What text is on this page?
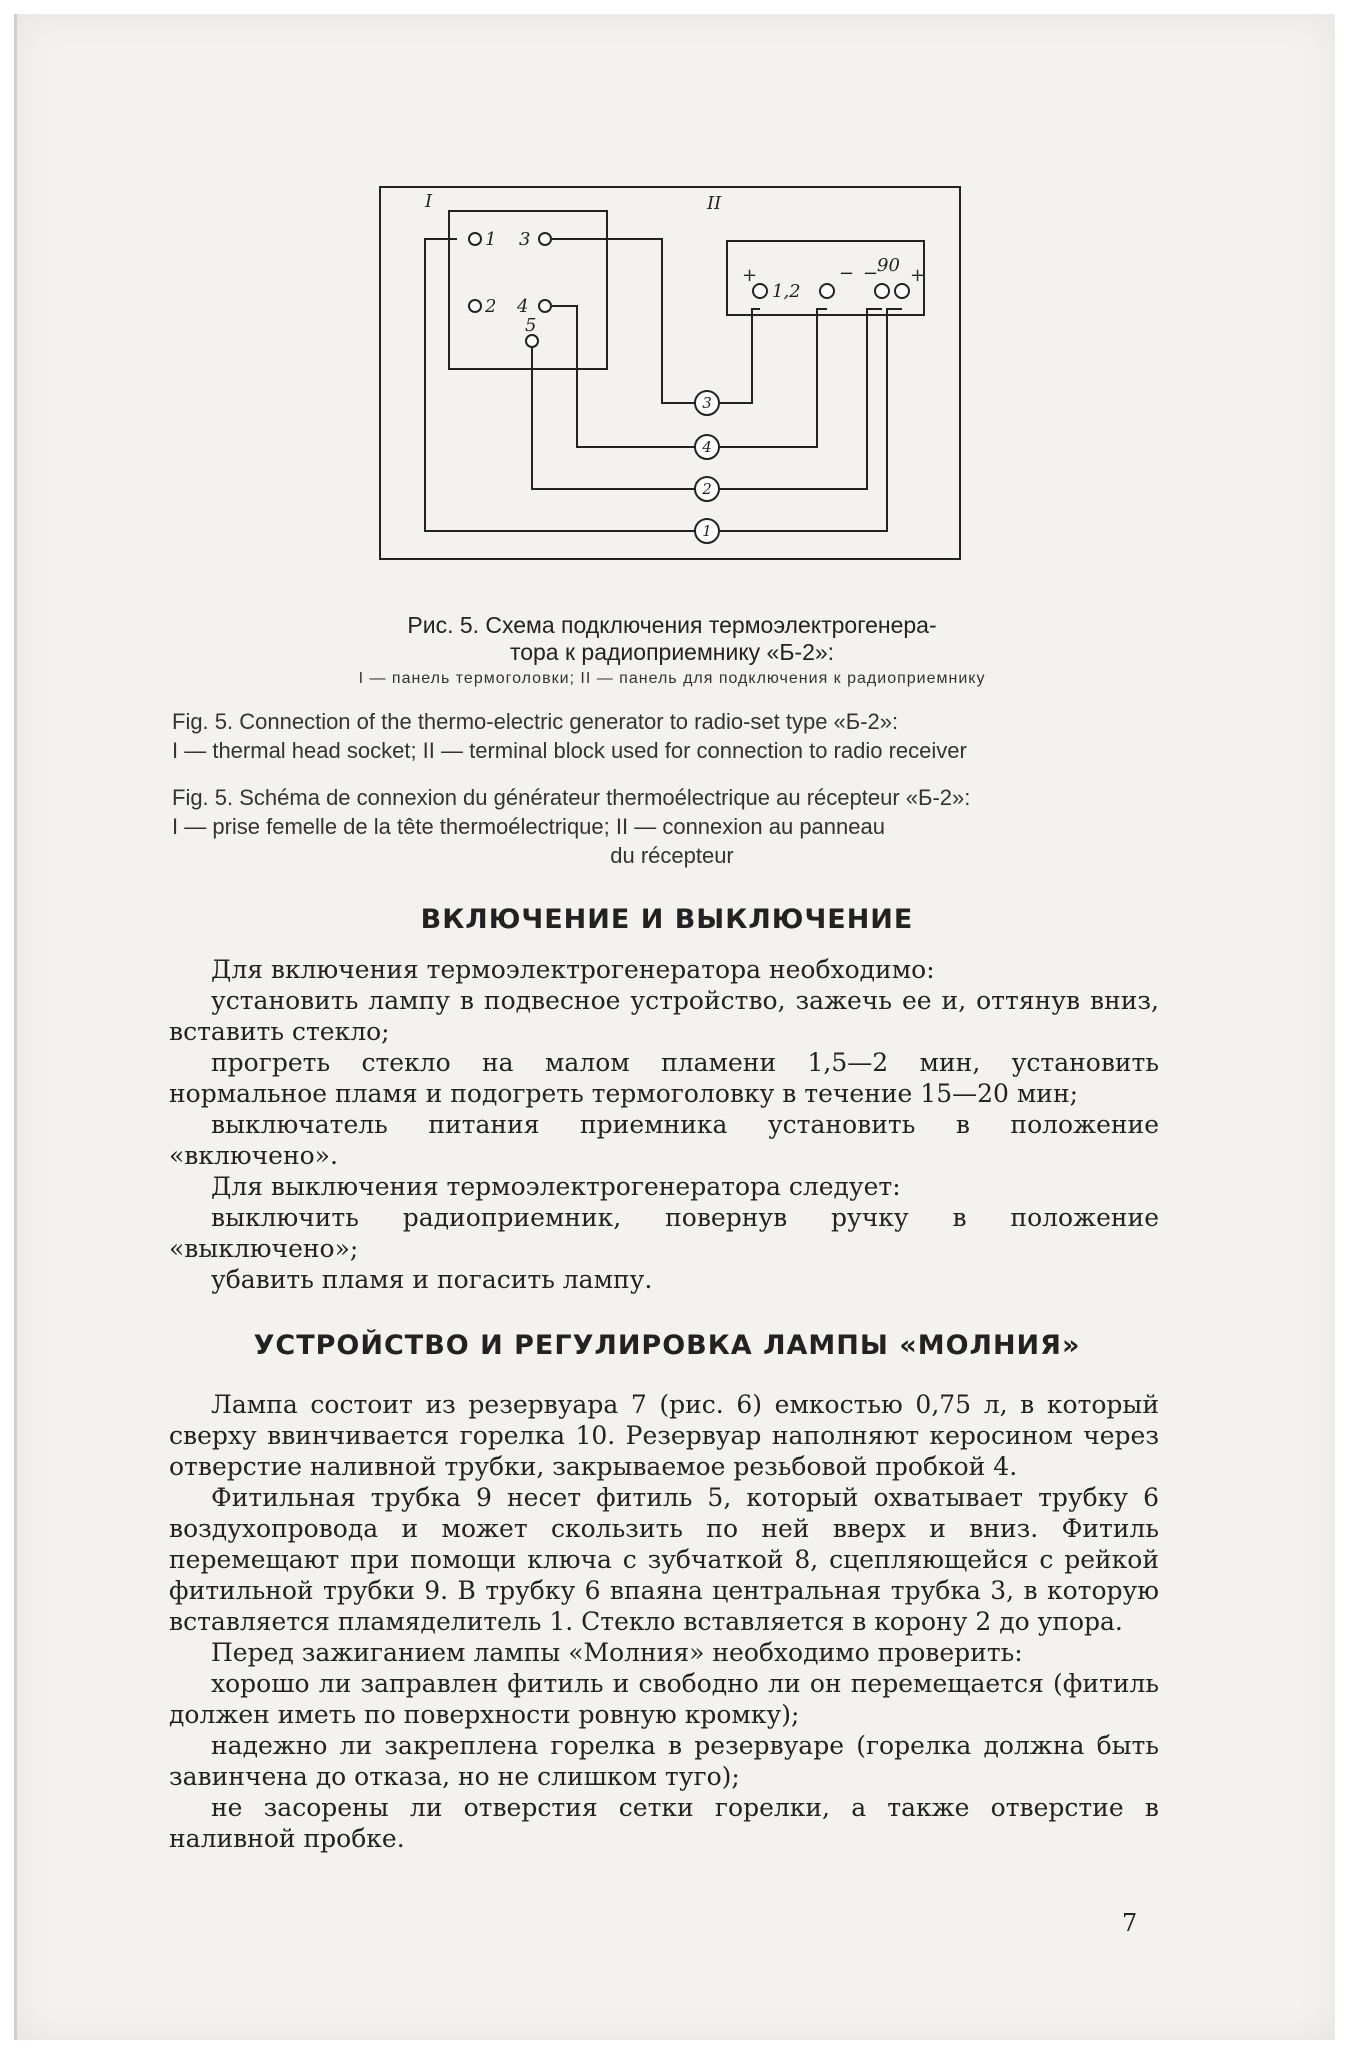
I	II
1 3
2 4
5
+
1,2
− −
90 +
3
4
2
1
Рис. 5. Схема подключения термоэлектрогенера-
тора к радиоприемнику «Б-2»:
I — панель термоголовки; II — панель для подключения к радиоприемнику
Fig. 5. Connection of the thermo-electric generator to radio-set type «Б-2»:
I — thermal head socket; II — terminal block used for connection to radio receiver
Fig. 5. Schéma de connexion du générateur thermoélectrique au récepteur «Б-2»:
I — prise femelle de la tête thermoélectrique; II — connexion au panneau
du récepteur
ВКЛЮЧЕНИЕ И ВЫКЛЮЧЕНИЕ

Для включения термоэлектрогенератора необходимо:

установить лампу в подвесное устройство, зажечь ее и, оттянув вниз, вставить стекло;

прогреть стекло на малом пламени 1,5—2 мин, установить нормальное пламя и подогреть термоголовку в течение 15—20 мин;

выключатель питания приемника установить в положение «включено».

Для выключения термоэлектрогенератора следует:

выключить радиоприемник, повернув ручку в положение «выключено»;

убавить пламя и погасить лампу.

УСТРОЙСТВО И РЕГУЛИРОВКА ЛАМПЫ «МОЛНИЯ»

Лампа состоит из резервуара 7 (рис. 6) емкостью 0,75 л, в который сверху ввинчивается горелка 10. Резервуар наполняют керосином через отверстие наливной трубки, закрываемое резьбовой пробкой 4.

Фитильная трубка 9 несет фитиль 5, который охватывает трубку 6 воздухопровода и может скользить по ней вверх и вниз. Фитиль перемещают при помощи ключа с зубчаткой 8, сцепляющейся с рейкой фитильной трубки 9. В трубку 6 впаяна центральная трубка 3, в которую вставляется пламяделитель 1. Стекло вставляется в корону 2 до упора.

Перед зажиганием лампы «Молния» необходимо проверить:

хорошо ли заправлен фитиль и свободно ли он перемещается (фитиль должен иметь по поверхности ровную кромку);

надежно ли закреплена горелка в резервуаре (горелка должна быть завинчена до отказа, но не слишком туго);

не засорены ли отверстия сетки горелки, а также отверстие в наливной пробке.

7
